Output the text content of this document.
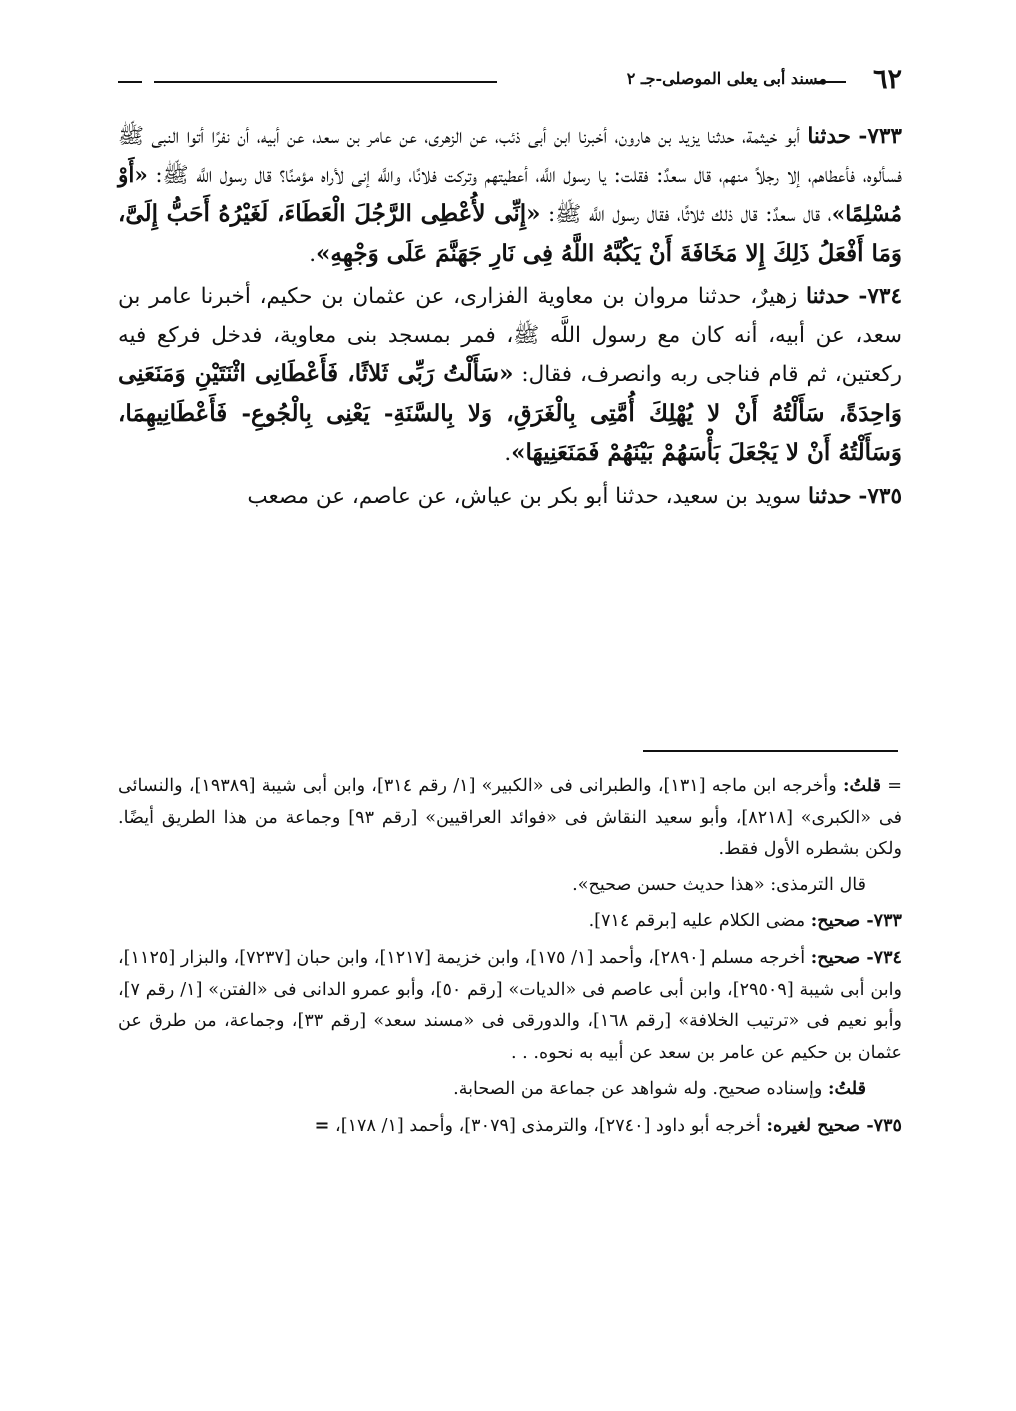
٦٢
مسند أبى يعلى الموصلى-جـ ٢

٧٣٣- حدثنا أبو خيثمة، حدثنا يزيد بن هارون، أخبرنا ابن أبى ذئب، عن الزهرى، عن عامر بن سعد، عن أبيه، أن نفرًا أتوا النبى ﷺ فسألوه، فأعطاهم، إلا رجلاً منهم، قال سعدٌ: فقلت: يا رسول اللَّه، أعطيتهم وتركت فلانًا، واللَّه إنى لأراه مؤمنًا؟ قال رسول اللَّه ﷺ: «أَوْ مُسْلِمًا»، قال سعدٌ: قال ذلك ثلاثًا، فقال رسول اللَّه ﷺ: «إِنِّى لأُعْطِى الرَّجُلَ الْعَطَاءَ، لَغَيْرُهُ أَحَبُّ إِلَىَّ، وَمَا أَفْعَلُ ذَلِكَ إِلا مَخَافَةَ أَنْ يَكُبَّهُ اللَّهُ فِى نَارِ جَهَنَّمَ عَلَى وَجْهِهِ».

٧٣٤- حدثنا زهيرٌ، حدثنا مروان بن معاوية الفزارى، عن عثمان بن حكيم، أخبرنا عامر بن سعد، عن أبيه، أنه كان مع رسول اللَّه ﷺ، فمر بمسجد بنى معاوية، فدخل فركع فيه ركعتين، ثم قام فناجى ربه وانصرف، فقال: «سَأَلْتُ رَبِّى ثَلاثًا، فَأَعْطَانِى اثْنَتَيْنِ وَمَنَعَنِى وَاحِدَةً، سَأَلْتُهُ أَنْ لا يُهْلِكَ أُمَّتِى بِالْغَرَقِ، وَلا بِالسَّنَةِ- يَعْنِى بِالْجُوعِ- فَأَعْطَانِيهِمَا، وَسَأَلْتُهُ أَنْ لا يَجْعَلَ بَأْسَهُمْ بَيْنَهُمْ فَمَنَعَنِيهَا».

٧٣٥- حدثنا سويد بن سعيد، حدثنا أبو بكر بن عياش، عن عاصم، عن مصعب

= قلتُ: وأخرجه ابن ماجه [١٣١]، والطبرانى فى «الكبير» [١/ رقم ٣١٤]، وابن أبى شيبة [١٩٣٨٩]، والنسائى فى «الكبرى» [٨٢١٨]، وأبو سعيد النقاش فى «فوائد العراقيين» [رقم ٩٣] وجماعة من هذا الطريق أيضًا. ولكن بشطره الأول فقط.

قال الترمذى: «هذا حديث حسن صحيح».

٧٣٣- صحيح: مضى الكلام عليه [برقم ٧١٤].

٧٣٤- صحيح: أخرجه مسلم [٢٨٩٠]، وأحمد [١/ ١٧٥]، وابن خزيمة [١٢١٧]، وابن حبان [٧٢٣٧]، والبزار [١١٢٥]، وابن أبى شيبة [٢٩٥٠٩]، وابن أبى عاصم فى «الديات» [رقم ٥٠]، وأبو عمرو الدانى فى «الفتن» [١/ رقم ٧]، وأبو نعيم فى «ترتيب الخلافة» [رقم ١٦٨]، والدورقى فى «مسند سعد» [رقم ٣٣]، وجماعة، من طرق عن عثمان بن حكيم عن عامر بن سعد عن أبيه به نحوه. . .

قلتُ: وإسناده صحيح. وله شواهد عن جماعة من الصحابة.

٧٣٥- صحيح لغيره: أخرجه أبو داود [٢٧٤٠]، والترمذى [٣٠٧٩]، وأحمد [١/ ١٧٨]، =
